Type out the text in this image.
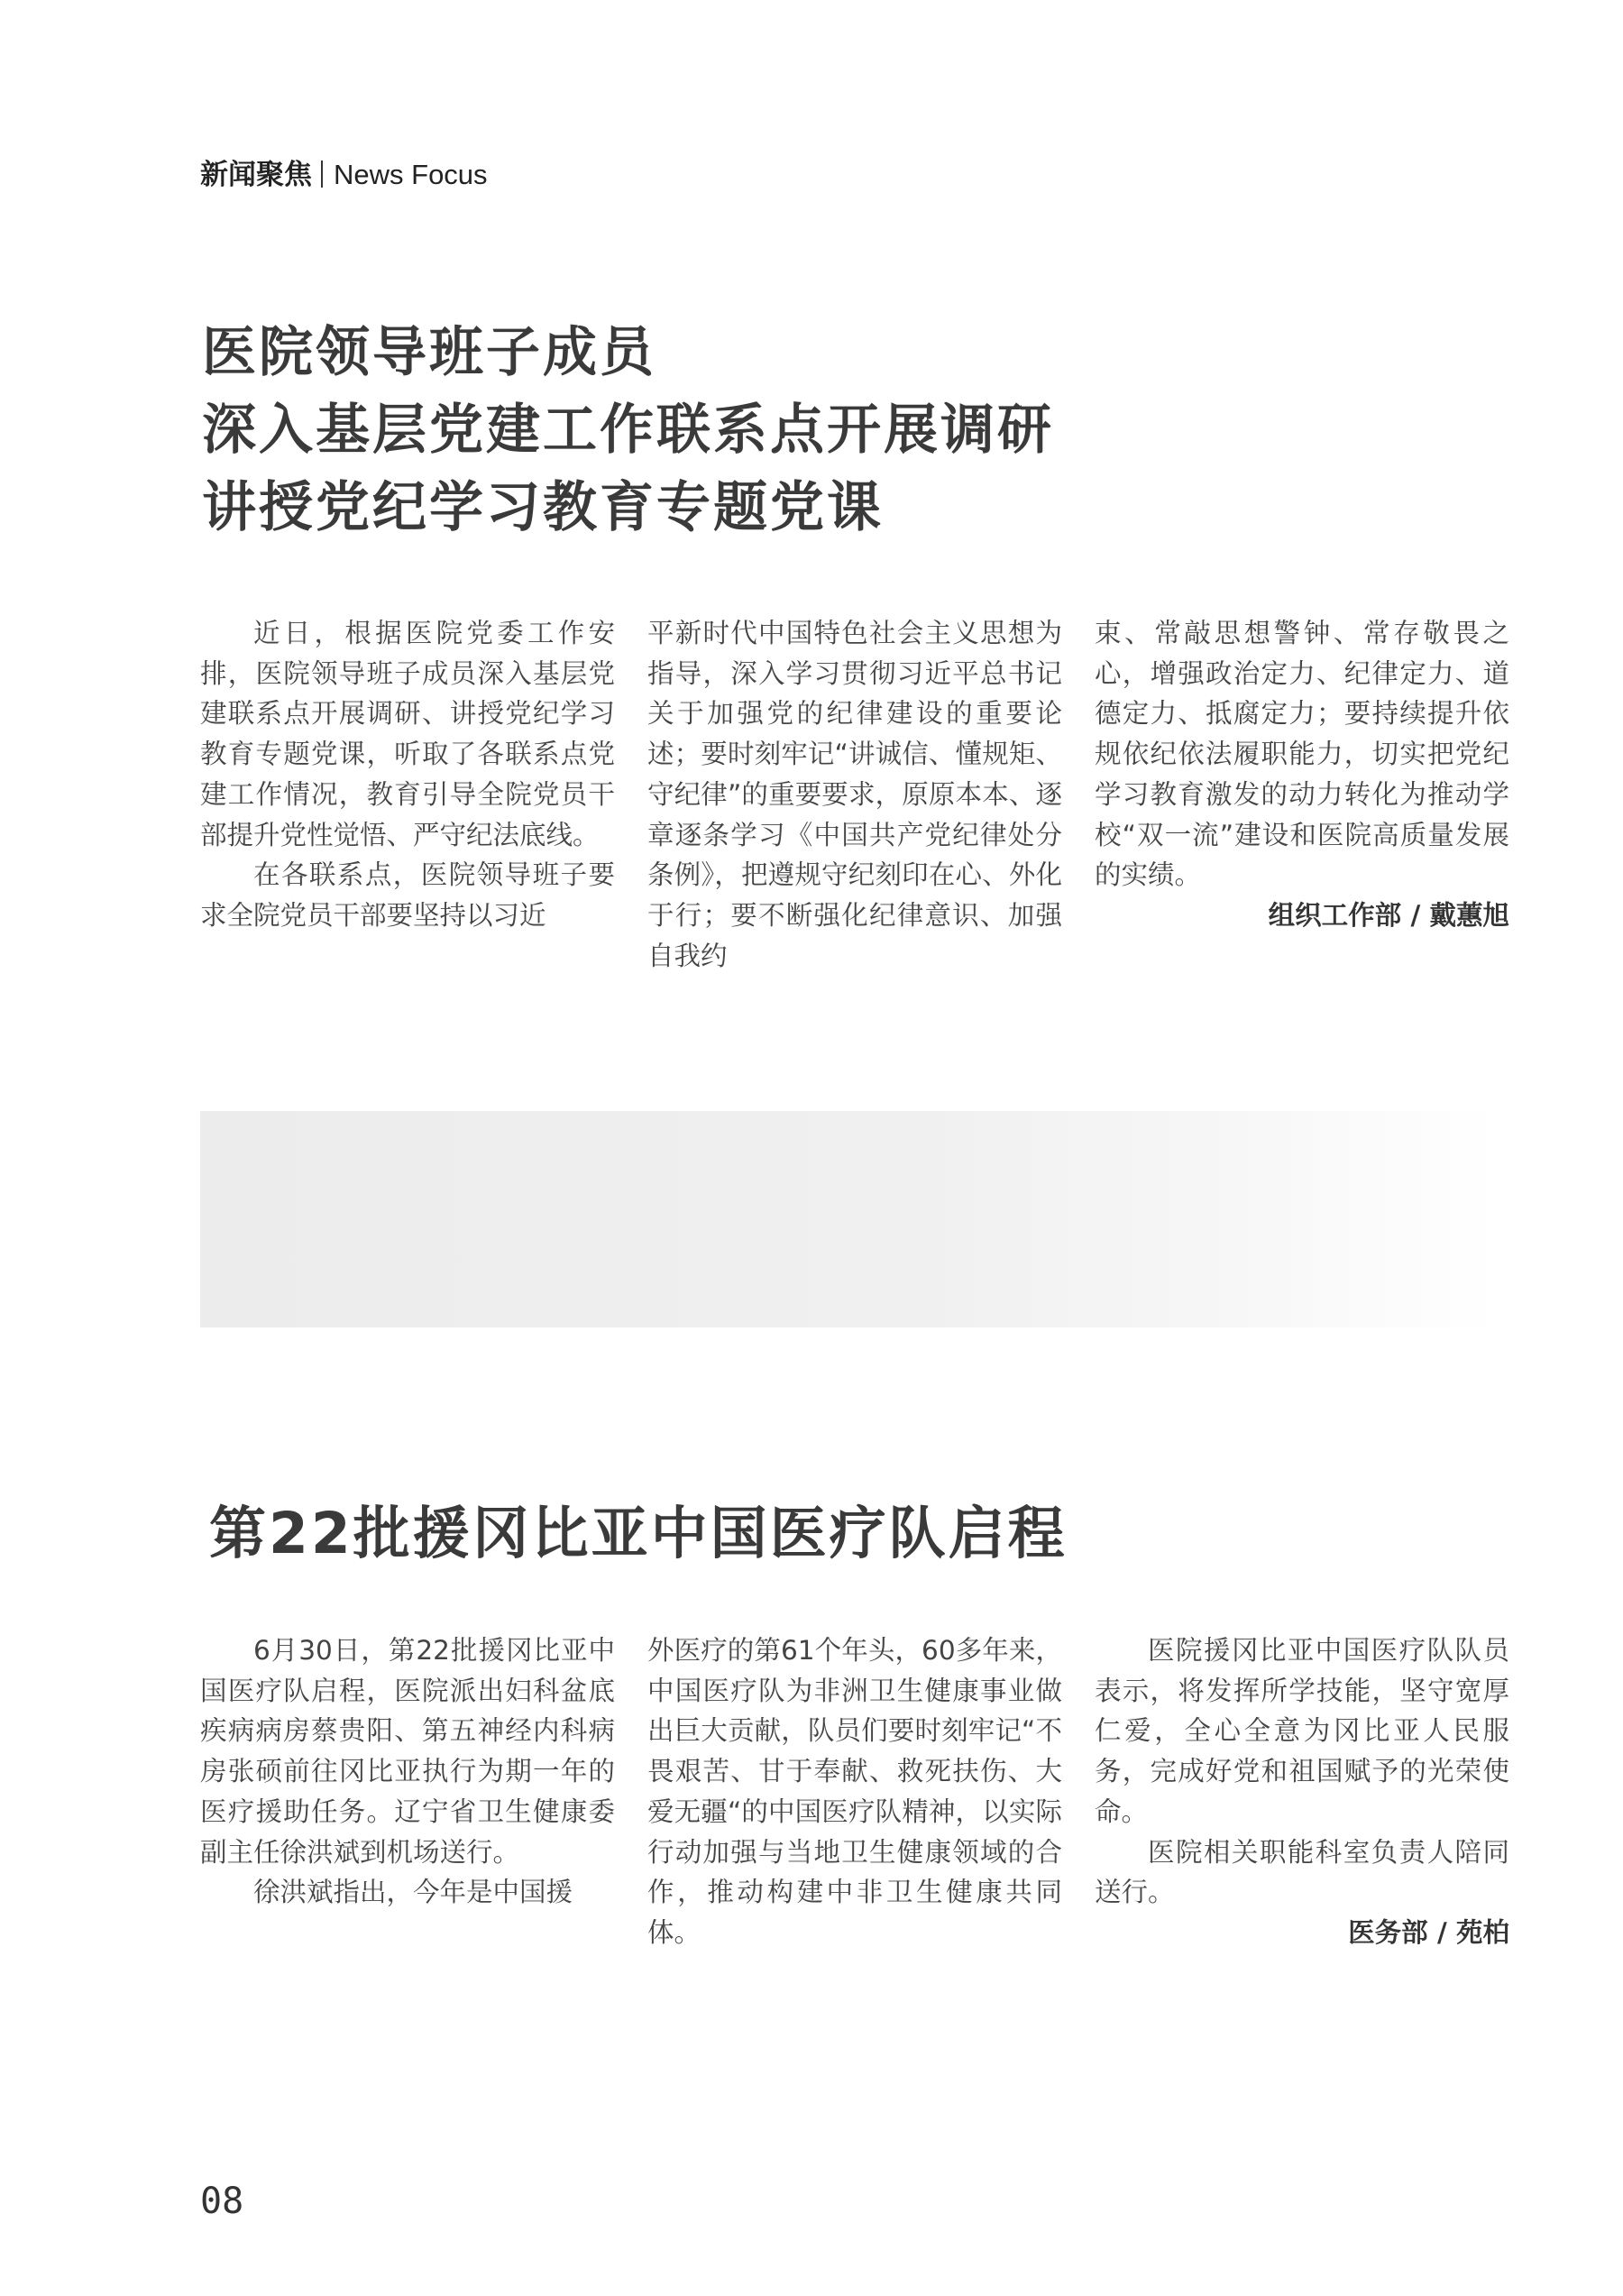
新闻聚焦 News Focus
医院领导班子成员
深入基层党建工作联系点开展调研
讲授党纪学习教育专题党课

近日，根据医院党委工作安排，医院领导班子成员深入基层党建联系点开展调研、讲授党纪学习教育专题党课，听取了各联系点党建工作情况，教育引导全院党员干部提升党性觉悟、严守纪法底线。

在各联系点，医院领导班子要求全院党员干部要坚持以习近

平新时代中国特色社会主义思想为指导，深入学习贯彻习近平总书记关于加强党的纪律建设的重要论述；要时刻牢记“讲诚信、懂规矩、守纪律”的重要要求，原原本本、逐章逐条学习《中国共产党纪律处分条例》，把遵规守纪刻印在心、外化于行；要不断强化纪律意识、加强自我约

束、常敲思想警钟、常存敬畏之心，增强政治定力、纪律定力、道德定力、抵腐定力；要持续提升依规依纪依法履职能力，切实把党纪学习教育激发的动力转化为推动学校“双一流”建设和医院高质量发展的实绩。

组织工作部 / 戴蕙旭

第22批援冈比亚中国医疗队启程

6月30日，第22批援冈比亚中国医疗队启程，医院派出妇科盆底疾病病房蔡贵阳、第五神经内科病房张硕前往冈比亚执行为期一年的医疗援助任务。辽宁省卫生健康委副主任徐洪斌到机场送行。

徐洪斌指出，今年是中国援

外医疗的第61个年头，60多年来，中国医疗队为非洲卫生健康事业做出巨大贡献，队员们要时刻牢记“不畏艰苦、甘于奉献、救死扶伤、大爱无疆“的中国医疗队精神，以实际行动加强与当地卫生健康领域的合作，推动构建中非卫生健康共同体。

医院援冈比亚中国医疗队队员表示，将发挥所学技能，坚守宽厚仁爱，全心全意为冈比亚人民服务，完成好党和祖国赋予的光荣使命。

医院相关职能科室负责人陪同送行。

医务部 / 苑柏

08
